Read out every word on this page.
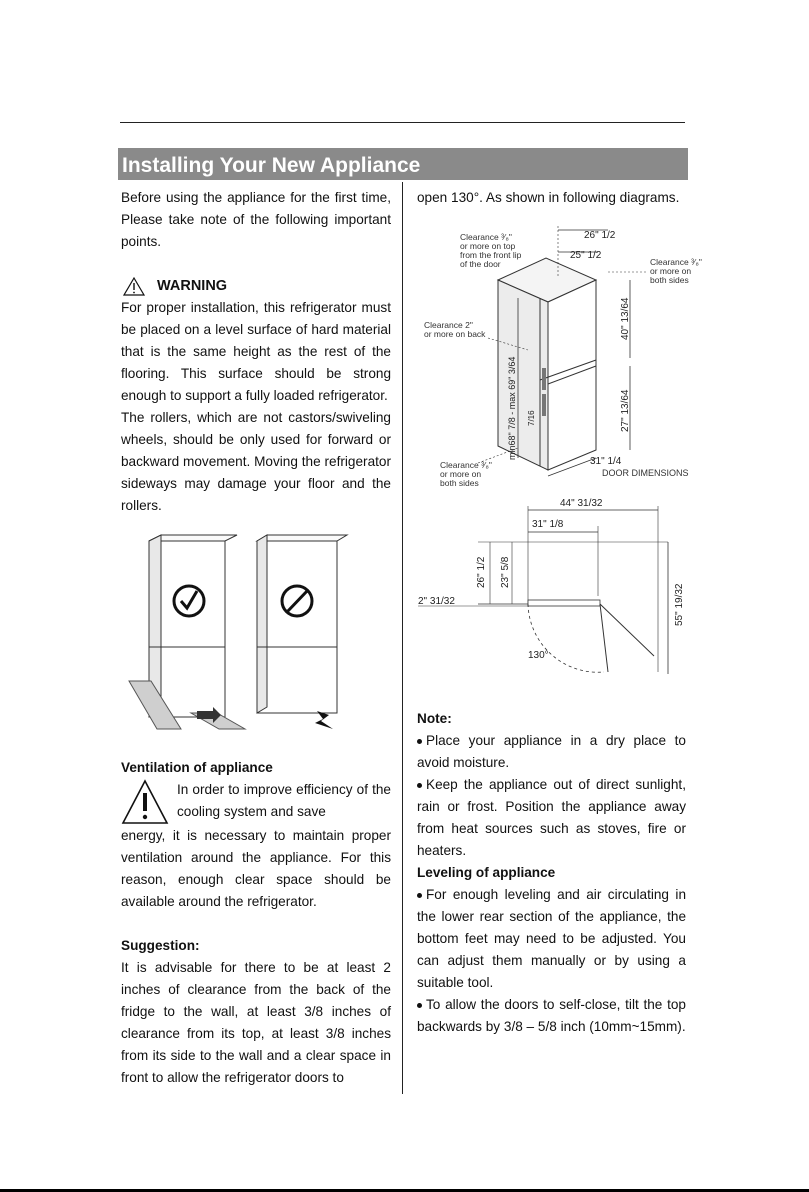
Installing Your New Appliance

Before using the appliance for the first time, Please take note of the following important points.

WARNING

For proper installation, this refrigerator must be placed on a level surface of hard material that is the same height as the rest of the flooring. This surface should be strong enough to support a fully loaded refrigerator.

The rollers, which are not castors/swiveling wheels, should be only used for forward or backward movement. Moving the refrigerator sideways may damage your floor and the rollers.

Ventilation of appliance

In order to improve efficiency of the cooling system and save

energy, it is necessary to maintain proper ventilation around the appliance. For this reason, enough clear space should be available around the refrigerator.

Suggestion:

It is advisable for there to be at least 2 inches of clearance from the back of the fridge to the wall, at least 3/8 inches of clearance from its top, at least 3/8 inches from its side to the wall and a clear space in front to allow the refrigerator doors to

open 130°. As shown in following diagrams.

Clearance ³⁄₈"
or more on top
from the front lip
of the door
Clearance 2"
or more on back
Clearance ³⁄₈"
or more on
both sides
Clearance ³⁄₈"
or more on
both sides
DOOR DIMENSIONS
26" 1/2
25" 1/2
31" 1/4
40" 13/64
27" 13/64
min68" 7/8 - max 69" 3/64 7/16
44" 31/32
31" 1/8
26" 1/2 23" 5/8
2" 31/32	55" 19/32
130°
Note:

Place your appliance in a dry place to avoid moisture.

Keep the appliance out of direct sunlight, rain or frost. Position the appliance away from heat sources such as stoves, fire or heaters.

Leveling of appliance

For enough leveling and air circulating in the lower rear section of the appliance, the bottom feet may need to be adjusted. You can adjust them manually or by using a suitable tool.

To allow the doors to self-close, tilt the top backwards by 3/8 – 5/8 inch (10mm~15mm).
